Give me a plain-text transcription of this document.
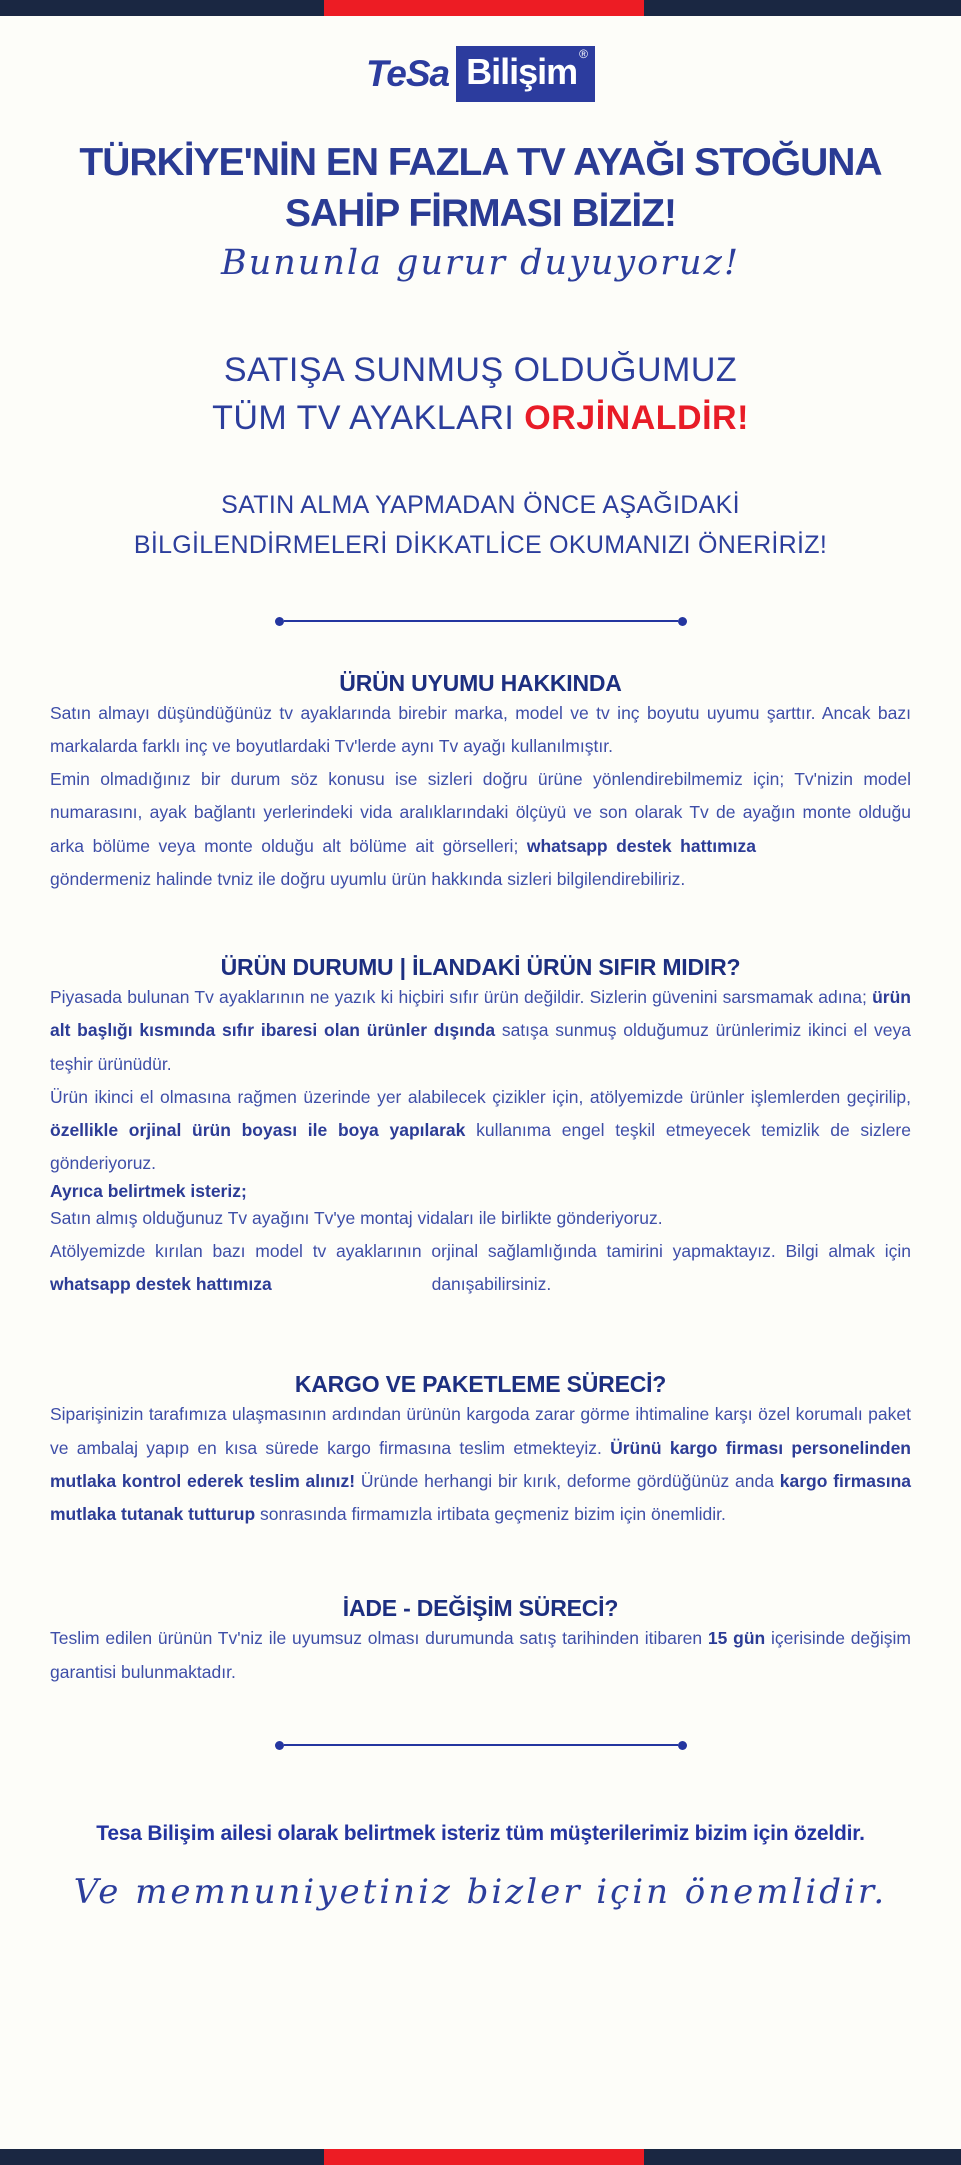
TeSa Bilişim ®
TÜRKİYE'NİN EN FAZLA TV AYAĞI STOĞUNA
SAHİP FİRMASI BİZİZ!
Bununla gurur duyuyoruz!
SATIŞA SUNMUŞ OLDUĞUMUZ
TÜM TV AYAKLARI ORJİNALDİR!
SATIN ALMA YAPMADAN ÖNCE AŞAĞIDAKİ
BİLGİLENDİRMELERİ DİKKATLİCE OKUMANIZI ÖNERİRİZ!
ÜRÜN UYUMU HAKKINDA

Satın almayı düşündüğünüz tv ayaklarında birebir marka, model ve tv inç boyutu uyumu şarttır. Ancak bazı markalarda farklı inç ve boyutlardaki Tv'lerde aynı Tv ayağı kullanılmıştır.

Emin olmadığınız bir durum söz konusu ise sizleri doğru ürüne yönlendirebilmemiz için; Tv'nizin model numarasını, ayak bağlantı yerlerindeki vida aralıklarındaki ölçüyü ve son olarak Tv de ayağın monte olduğu arka bölüme veya monte olduğu alt bölüme ait görselleri; whatsapp destek hattımıza göndermeniz halinde tvniz ile doğru uyumlu ürün hakkında sizleri bilgilendirebiliriz.

ÜRÜN DURUMU | İLANDAKİ ÜRÜN SIFIR MIDIR?

Piyasada bulunan Tv ayaklarının ne yazık ki hiçbiri sıfır ürün değildir. Sizlerin güvenini sarsmamak adına; ürün alt başlığı kısmında sıfır ibaresi olan ürünler dışında satışa sunmuş olduğumuz ürünlerimiz ikinci el veya teşhir ürünüdür.

Ürün ikinci el olmasına rağmen üzerinde yer alabilecek çizikler için, atölyemizde ürünler işlemlerden geçirilip, özellikle orjinal ürün boyası ile boya yapılarak kullanıma engel teşkil etmeyecek temizlik de sizlere gönderiyoruz.

Ayrıca belirtmek isteriz;

Satın almış olduğunuz Tv ayağını Tv'ye montaj vidaları ile birlikte gönderiyoruz.

Atölyemizde kırılan bazı model tv ayaklarının orjinal sağlamlığında tamirini yapmaktayız. Bilgi almak için whatsapp destek hattımıza	danışabilirsiniz.

KARGO VE PAKETLEME SÜRECİ?

Siparişinizin tarafımıza ulaşmasının ardından ürünün kargoda zarar görme ihtimaline karşı özel korumalı paket ve ambalaj yapıp en kısa sürede kargo firmasına teslim etmekteyiz. Ürünü kargo firması personelinden mutlaka kontrol ederek teslim alınız! Üründe herhangi bir kırık, deforme gördüğünüz anda kargo firmasına mutlaka tutanak tutturup sonrasında firmamızla irtibata geçmeniz bizim için önemlidir.

İADE - DEĞİŞİM SÜRECİ?

Teslim edilen ürünün Tv'niz ile uyumsuz olması durumunda satış tarihinden itibaren 15 gün içerisinde değişim garantisi bulunmaktadır.

Tesa Bilişim ailesi olarak belirtmek isteriz tüm müşterilerimiz bizim için özeldir.
Ve memnuniyetiniz bizler için önemlidir.
